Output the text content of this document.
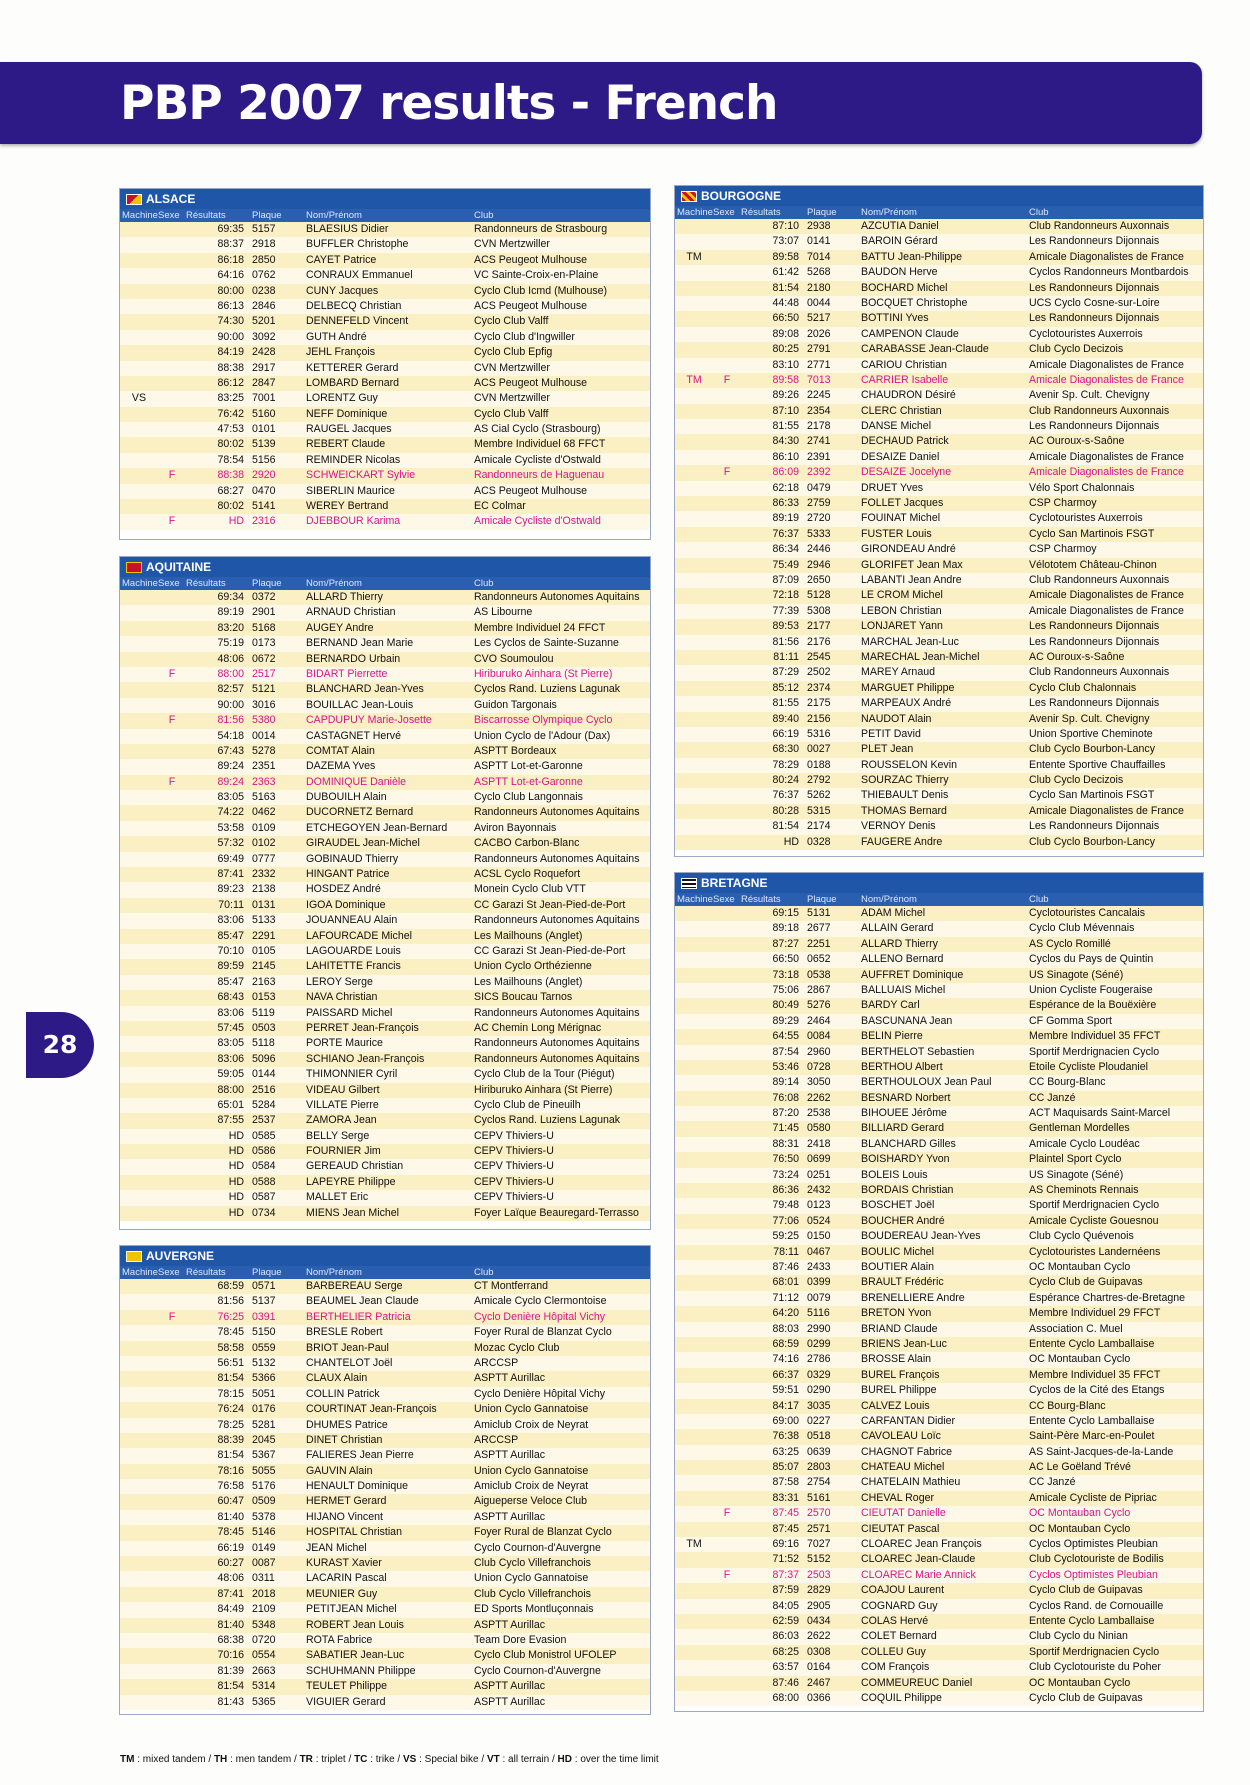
PBP 2007 results - French
28
ALSACE
Machine Sexe Résultats	Plaque	Nom/Prénom	Club
69:35 5157	BLAESIUS Didier	Randonneurs de Strasbourg
88:37 2918	BUFFLER Christophe	CVN Mertzwiller
86:18 2850	CAYET Patrice	ACS Peugeot Mulhouse
64:16 0762	CONRAUX Emmanuel	VC Sainte-Croix-en-Plaine
80:00 0238	CUNY Jacques	Cyclo Club Icmd (Mulhouse)
86:13 2846	DELBECQ Christian	ACS Peugeot Mulhouse
74:30 5201	DENNEFELD Vincent	Cyclo Club Valff
90:00 3092	GUTH André	Cyclo Club d'Ingwiller
84:19 2428	JEHL François	Cyclo Club Epfig
88:38 2917	KETTERER Gerard	CVN Mertzwiller
86:12 2847	LOMBARD Bernard	ACS Peugeot Mulhouse
VS	83:25 7001	LORENTZ Guy	CVN Mertzwiller
76:42 5160	NEFF Dominique	Cyclo Club Valff
47:53 0101	RAUGEL Jacques	AS Cial Cyclo (Strasbourg)
80:02 5139	REBERT Claude	Membre Individuel 68 FFCT
78:54 5156	REMINDER Nicolas	Amicale Cycliste d'Ostwald
F	88:38 2920	SCHWEICKART Sylvie	Randonneurs de Haguenau
68:27 0470	SIBERLIN Maurice	ACS Peugeot Mulhouse
80:02 5141	WEREY Bertrand	EC Colmar
F	HD 2316	DJEBBOUR Karima	Amicale Cycliste d'Ostwald
AQUITAINE
Machine Sexe Résultats	Plaque	Nom/Prénom	Club
69:34 0372	ALLARD Thierry	Randonneurs Autonomes Aquitains
89:19 2901	ARNAUD Christian	AS Libourne
83:20 5168	AUGEY Andre	Membre Individuel 24 FFCT
75:19 0173	BERNAND Jean Marie	Les Cyclos de Sainte-Suzanne
48:06 0672	BERNARDO Urbain	CVO Soumoulou
F	88:00 2517	BIDART Pierrette	Hiriburuko Ainhara (St Pierre)
82:57 5121	BLANCHARD Jean-Yves	Cyclos Rand. Luziens Lagunak
90:00 3016	BOUILLAC Jean-Louis	Guidon Targonais
F	81:56 5380	CAPDUPUY Marie-Josette	Biscarrosse Olympique Cyclo
54:18 0014	CASTAGNET Hervé	Union Cyclo de l'Adour (Dax)
67:43 5278	COMTAT Alain	ASPTT Bordeaux
89:24 2351	DAZEMA Yves	ASPTT Lot-et-Garonne
F	89:24 2363	DOMINIQUE Danièle	ASPTT Lot-et-Garonne
83:05 5163	DUBOUILH Alain	Cyclo Club Langonnais
74:22 0462	DUCORNETZ Bernard	Randonneurs Autonomes Aquitains
53:58 0109	ETCHEGOYEN Jean-Bernard	Aviron Bayonnais
57:32 0102	GIRAUDEL Jean-Michel	CACBO Carbon-Blanc
69:49 0777	GOBINAUD Thierry	Randonneurs Autonomes Aquitains
87:41 2332	HINGANT Patrice	ACSL Cyclo Roquefort
89:23 2138	HOSDEZ André	Monein Cyclo Club VTT
70:11 0131	IGOA Dominique	CC Garazi St Jean-Pied-de-Port
83:06 5133	JOUANNEAU Alain	Randonneurs Autonomes Aquitains
85:47 2291	LAFOURCADE Michel	Les Mailhouns (Anglet)
70:10 0105	LAGOUARDE Louis	CC Garazi St Jean-Pied-de-Port
89:59 2145	LAHITETTE Francis	Union Cyclo Orthézienne
85:47 2163	LEROY Serge	Les Mailhouns (Anglet)
68:43 0153	NAVA Christian	SICS Boucau Tarnos
83:06 5119	PAISSARD Michel	Randonneurs Autonomes Aquitains
57:45 0503	PERRET Jean-François	AC Chemin Long Mérignac
83:05 5118	PORTE Maurice	Randonneurs Autonomes Aquitains
83:06 5096	SCHIANO Jean-François	Randonneurs Autonomes Aquitains
59:05 0144	THIMONNIER Cyril	Cyclo Club de la Tour (Piégut)
88:00 2516	VIDEAU Gilbert	Hiriburuko Ainhara (St Pierre)
65:01 5284	VILLATE Pierre	Cyclo Club de Pineuilh
87:55 2537	ZAMORA Jean	Cyclos Rand. Luziens Lagunak
HD 0585	BELLY Serge	CEPV Thiviers-U
HD 0586	FOURNIER Jim	CEPV Thiviers-U
HD 0584	GEREAUD Christian	CEPV Thiviers-U
HD 0588	LAPEYRE Philippe	CEPV Thiviers-U
HD 0587	MALLET Eric	CEPV Thiviers-U
HD 0734	MIENS Jean Michel	Foyer Laïque Beauregard-Terrasso
AUVERGNE
Machine Sexe Résultats	Plaque	Nom/Prénom	Club
68:59 0571	BARBEREAU Serge	CT Montferrand
81:56 5137	BEAUMEL Jean Claude	Amicale Cyclo Clermontoise
F	76:25 0391	BERTHELIER Patricia	Cyclo Denière Hôpital Vichy
78:45 5150	BRESLE Robert	Foyer Rural de Blanzat Cyclo
58:58 0559	BRIOT Jean-Paul	Mozac Cyclo Club
56:51 5132	CHANTELOT Joël	ARCCSP
81:54 5366	CLAUX Alain	ASPTT Aurillac
78:15 5051	COLLIN Patrick	Cyclo Denière Hôpital Vichy
76:24 0176	COURTINAT Jean-François	Union Cyclo Gannatoise
78:25 5281	DHUMES Patrice	Amiclub Croix de Neyrat
88:39 2045	DINET Christian	ARCCSP
81:54 5367	FALIERES Jean Pierre	ASPTT Aurillac
78:16 5055	GAUVIN Alain	Union Cyclo Gannatoise
76:58 5176	HENAULT Dominique	Amiclub Croix de Neyrat
60:47 0509	HERMET Gerard	Aigueperse Veloce Club
81:40 5378	HIJANO Vincent	ASPTT Aurillac
78:45 5146	HOSPITAL Christian	Foyer Rural de Blanzat Cyclo
66:19 0149	JEAN Michel	Cyclo Cournon-d'Auvergne
60:27 0087	KURAST Xavier	Club Cyclo Villefranchois
48:06 0311	LACARIN Pascal	Union Cyclo Gannatoise
87:41 2018	MEUNIER Guy	Club Cyclo Villefranchois
84:49 2109	PETITJEAN Michel	ED Sports Montluçonnais
81:40 5348	ROBERT Jean Louis	ASPTT Aurillac
68:38 0720	ROTA Fabrice	Team Dore Evasion
70:16 0554	SABATIER Jean-Luc	Cyclo Club Monistrol UFOLEP
81:39 2663	SCHUHMANN Philippe	Cyclo Cournon-d'Auvergne
81:54 5314	TEULET Philippe	ASPTT Aurillac
81:43 5365	VIGUIER Gerard	ASPTT Aurillac
BOURGOGNE
Machine Sexe Résultats	Plaque	Nom/Prénom	Club
87:10 2938	AZCUTIA Daniel	Club Randonneurs Auxonnais
73:07 0141	BAROIN Gérard	Les Randonneurs Dijonnais
TM	89:58 7014	BATTU Jean-Philippe	Amicale Diagonalistes de France
61:42 5268	BAUDON Herve	Cyclos Randonneurs Montbardois
81:54 2180	BOCHARD Michel	Les Randonneurs Dijonnais
44:48 0044	BOCQUET Christophe	UCS Cyclo Cosne-sur-Loire
66:50 5217	BOTTINI Yves	Les Randonneurs Dijonnais
89:08 2026	CAMPENON Claude	Cyclotouristes Auxerrois
80:25 2791	CARABASSE Jean-Claude	Club Cyclo Decizois
83:10 2771	CARIOU Christian	Amicale Diagonalistes de France
TM	F	89:58 7013	CARRIER Isabelle	Amicale Diagonalistes de France
89:26 2245	CHAUDRON Désiré	Avenir Sp. Cult. Chevigny
87:10 2354	CLERC Christian	Club Randonneurs Auxonnais
81:55 2178	DANSE Michel	Les Randonneurs Dijonnais
84:30 2741	DECHAUD Patrick	AC Ouroux-s-Saône
86:10 2391	DESAIZE Daniel	Amicale Diagonalistes de France
F	86:09 2392	DESAIZE Jocelyne	Amicale Diagonalistes de France
62:18 0479	DRUET Yves	Vélo Sport Chalonnais
86:33 2759	FOLLET Jacques	CSP Charmoy
89:19 2720	FOUINAT Michel	Cyclotouristes Auxerrois
76:37 5333	FUSTER Louis	Cyclo San Martinois FSGT
86:34 2446	GIRONDEAU André	CSP Charmoy
75:49 2946	GLORIFET Jean Max	Vélototem Château-Chinon
87:09 2650	LABANTI Jean Andre	Club Randonneurs Auxonnais
72:18 5128	LE CROM Michel	Amicale Diagonalistes de France
77:39 5308	LEBON Christian	Amicale Diagonalistes de France
89:53 2177	LONJARET Yann	Les Randonneurs Dijonnais
81:56 2176	MARCHAL Jean-Luc	Les Randonneurs Dijonnais
81:11 2545	MARECHAL Jean-Michel	AC Ouroux-s-Saône
87:29 2502	MAREY Arnaud	Club Randonneurs Auxonnais
85:12 2374	MARGUET Philippe	Cyclo Club Chalonnais
81:55 2175	MARPEAUX André	Les Randonneurs Dijonnais
89:40 2156	NAUDOT Alain	Avenir Sp. Cult. Chevigny
66:19 5316	PETIT David	Union Sportive Cheminote
68:30 0027	PLET Jean	Club Cyclo Bourbon-Lancy
78:29 0188	ROUSSELON Kevin	Entente Sportive Chauffailles
80:24 2792	SOURZAC Thierry	Club Cyclo Decizois
76:37 5262	THIEBAULT Denis	Cyclo San Martinois FSGT
80:28 5315	THOMAS Bernard	Amicale Diagonalistes de France
81:54 2174	VERNOY Denis	Les Randonneurs Dijonnais
HD 0328	FAUGERE Andre	Club Cyclo Bourbon-Lancy
BRETAGNE
Machine Sexe Résultats	Plaque	Nom/Prénom	Club
69:15 5131	ADAM Michel	Cyclotouristes Cancalais
89:18 2677	ALLAIN Gerard	Cyclo Club Mévennais
87:27 2251	ALLARD Thierry	AS Cyclo Romillé
66:50 0652	ALLENO Bernard	Cyclos du Pays de Quintin
73:18 0538	AUFFRET Dominique	US Sinagote (Séné)
75:06 2867	BALLUAIS Michel	Union Cycliste Fougeraise
80:49 5276	BARDY Carl	Espérance de la Bouëxière
89:29 2464	BASCUNANA Jean	CF Gomma Sport
64:55 0084	BELIN Pierre	Membre Individuel 35 FFCT
87:54 2960	BERTHELOT Sebastien	Sportif Merdrignacien Cyclo
53:46 0728	BERTHOU Albert	Etoile Cycliste Ploudaniel
89:14 3050	BERTHOULOUX Jean Paul	CC Bourg-Blanc
76:08 2262	BESNARD Norbert	CC Janzé
87:20 2538	BIHOUEE Jérôme	ACT Maquisards Saint-Marcel
71:45 0580	BILLIARD Gerard	Gentleman Mordelles
88:31 2418	BLANCHARD Gilles	Amicale Cyclo Loudéac
76:50 0699	BOISHARDY Yvon	Plaintel Sport Cyclo
73:24 0251	BOLEIS Louis	US Sinagote (Séné)
86:36 2432	BORDAIS Christian	AS Cheminots Rennais
79:48 0123	BOSCHET Joël	Sportif Merdrignacien Cyclo
77:06 0524	BOUCHER André	Amicale Cycliste Gouesnou
59:25 0150	BOUDEREAU Jean-Yves	Club Cyclo Quévenois
78:11 0467	BOULIC Michel	Cyclotouristes Landernéens
87:46 2433	BOUTIER Alain	OC Montauban Cyclo
68:01 0399	BRAULT Frédéric	Cyclo Club de Guipavas
71:12 0079	BRENELLIERE Andre	Espérance Chartres-de-Bretagne
64:20 5116	BRETON Yvon	Membre Individuel 29 FFCT
88:03 2990	BRIAND Claude	Association C. Muel
68:59 0299	BRIENS Jean-Luc	Entente Cyclo Lamballaise
74:16 2786	BROSSE Alain	OC Montauban Cyclo
66:37 0329	BUREL François	Membre Individuel 35 FFCT
59:51 0290	BUREL Philippe	Cyclos de la Cité des Etangs
84:17 3035	CALVEZ Louis	CC Bourg-Blanc
69:00 0227	CARFANTAN Didier	Entente Cyclo Lamballaise
76:38 0518	CAVOLEAU Loïc	Saint-Père Marc-en-Poulet
63:25 0639	CHAGNOT Fabrice	AS Saint-Jacques-de-la-Lande
85:07 2803	CHATEAU Michel	AC Le Goëland Trévé
87:58 2754	CHATELAIN Mathieu	CC Janzé
83:31 5161	CHEVAL Roger	Amicale Cycliste de Pipriac
F	87:45 2570	CIEUTAT Danielle	OC Montauban Cyclo
87:45 2571	CIEUTAT Pascal	OC Montauban Cyclo
TM	69:16 7027	CLOAREC Jean François	Cyclos Optimistes Pleubian
71:52 5152	CLOAREC Jean-Claude	Club Cyclotouriste de Bodilis
F	87:37 2503	CLOAREC Marie Annick	Cyclos Optimistes Pleubian
87:59 2829	COAJOU Laurent	Cyclo Club de Guipavas
84:05 2905	COGNARD Guy	Cyclos Rand. de Cornouaille
62:59 0434	COLAS Hervé	Entente Cyclo Lamballaise
86:03 2622	COLET Bernard	Club Cyclo du Ninian
68:25 0308	COLLEU Guy	Sportif Merdrignacien Cyclo
63:57 0164	COM François	Club Cyclotouriste du Poher
87:46 2467	COMMEUREUC Daniel	OC Montauban Cyclo
68:00 0366	COQUIL Philippe	Cyclo Club de Guipavas
TM : mixed tandem / TH : men tandem / TR : triplet / TC : trike / VS : Special bike / VT : all terrain / HD : over the time limit
